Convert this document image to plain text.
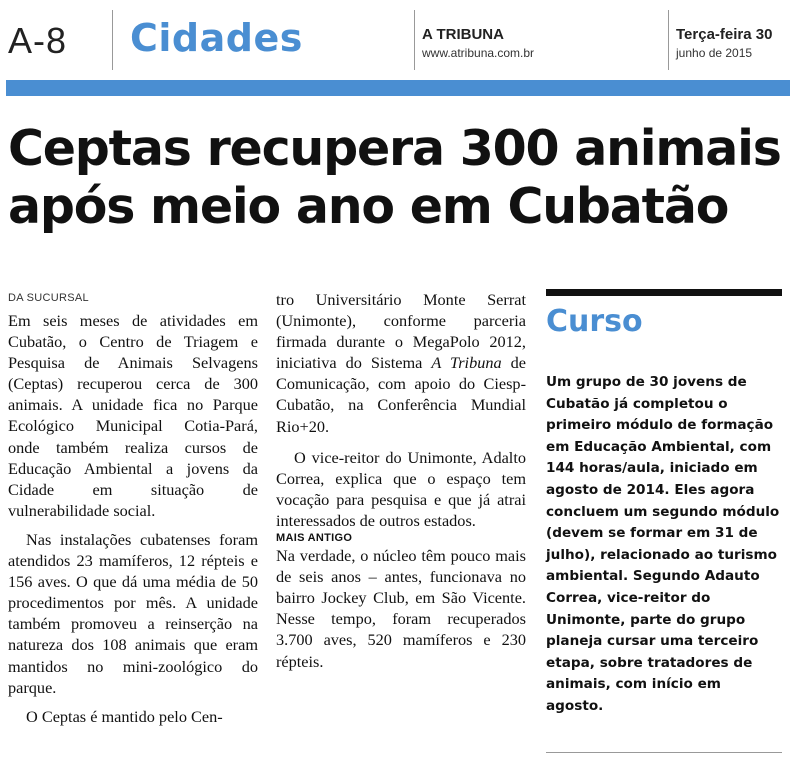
A-8 Cidades	A TRIBUNA
www.atribuna.com.br
Terça-feira 30
junho de 2015
Ceptas recupera 300 animais
após meio ano em Cubatão
DA SUCURSAL

Em seis meses de atividades em Cubatão, o Centro de Triagem e Pesquisa de Animais Selvagens (Ceptas) recuperou cerca de 300 animais. A unidade fica no Parque Ecológico Municipal Cotia-Pará, onde também realiza cursos de Educação Ambiental a jovens da Cidade em situação de vulnerabilidade social.

Nas instalações cubatenses foram atendidos 23 mamíferos, 12 répteis e 156 aves. O que dá uma média de 50 procedimentos por mês. A unidade também promoveu a reinserção na natureza dos 108 animais que eram mantidos no mini-zoológico do parque.

O Ceptas é mantido pelo Cen-

tro Universitário Monte Serrat (Unimonte), conforme parceria firmada durante o MegaPolo 2012, iniciativa do Sistema A Tribuna de Comunicação, com apoio do Ciesp-Cubatão, na Conferência Mundial Rio+20.

O vice-reitor do Unimonte, Adalto Correa, explica que o espaço tem vocação para pesquisa e que já atrai interessados de outros estados.

MAIS ANTIGO

Na verdade, o núcleo têm pouco mais de seis anos – antes, funcionava no bairro Jockey Club, em São Vicente. Nesse tempo, foram recuperados 3.700 aves, 520 mamíferos e 230 répteis.

Curso

Um grupo de 30 jovens de Cubatão já completou o primeiro módulo de formação em Educação Ambiental, com 144 horas/aula, iniciado em agosto de 2014. Eles agora concluem um segundo módulo (devem se formar em 31 de julho), relacionado ao turismo ambiental. Segundo Adauto Correa, vice-reitor do Unimonte, parte do grupo planeja cursar uma terceiro etapa, sobre tratadores de animais, com início em agosto.
